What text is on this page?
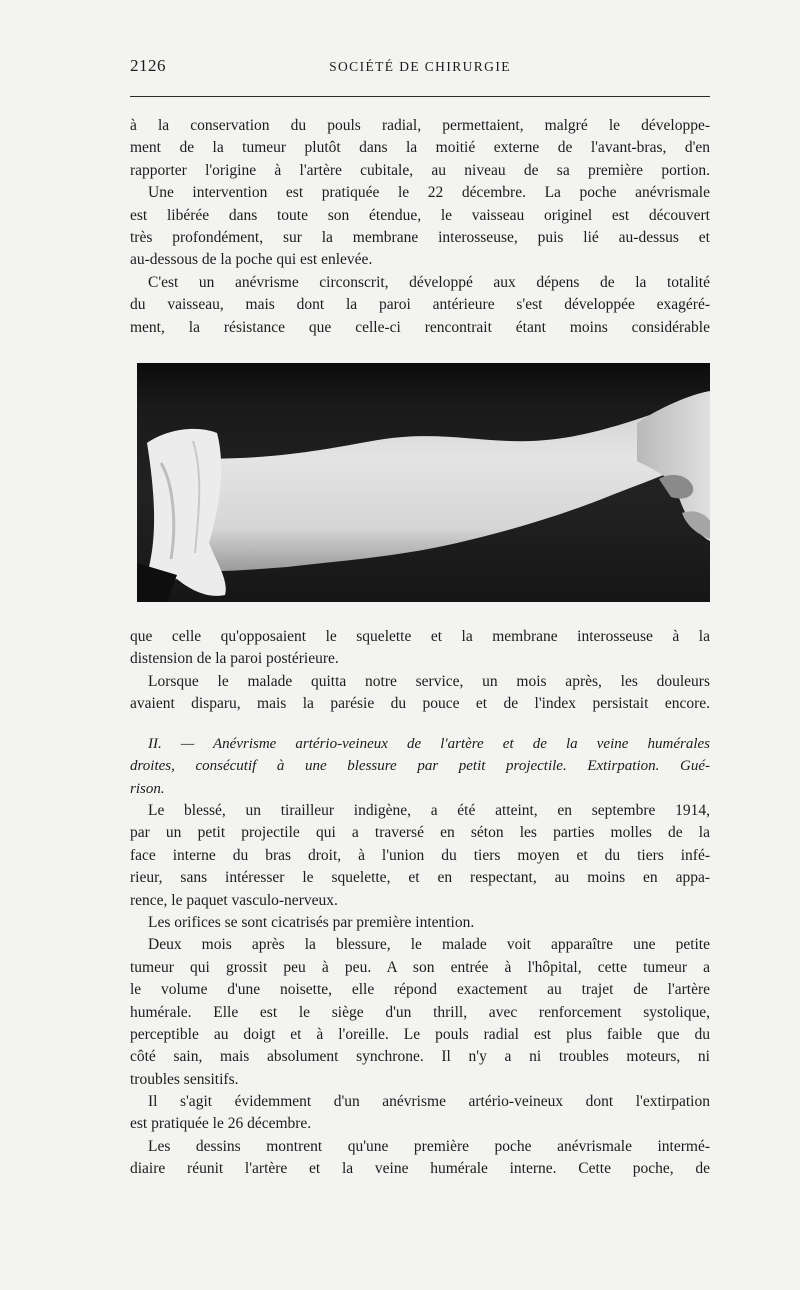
2126	SOCIÉTÉ DE CHIRURGIE
à la conservation du pouls radial, permettaient, malgré le développe-
ment de la tumeur plutôt dans la moitié externe de l'avant-bras, d'en
rapporter l'origine à l'artère cubitale, au niveau de sa première portion.
Une intervention est pratiquée le 22 décembre. La poche anévrismale
est libérée dans toute son étendue, le vaisseau originel est découvert
très profondément, sur la membrane interosseuse, puis lié au-dessus et
au-dessous de la poche qui est enlevée.
C'est un anévrisme circonscrit, développé aux dépens de la totalité
du vaisseau, mais dont la paroi antérieure s'est développée exagéré-
ment, la résistance que celle-ci rencontrait étant moins considérable
que celle qu'opposaient le squelette et la membrane interosseuse à la
distension de la paroi postérieure.
Lorsque le malade quitta notre service, un mois après, les douleurs
avaient disparu, mais la parésie du pouce et de l'index persistait encore.
II. — Anévrisme artério-veineux de l'artère et de la veine humérales
droites, consécutif à une blessure par petit projectile. Extirpation. Gué-
rison.
Le blessé, un tirailleur indigène, a été atteint, en septembre 1914,
par un petit projectile qui a traversé en séton les parties molles de la
face interne du bras droit, à l'union du tiers moyen et du tiers infé-
rieur, sans intéresser le squelette, et en respectant, au moins en appa-
rence, le paquet vasculo-nerveux.
Les orifices se sont cicatrisés par première intention.
Deux mois après la blessure, le malade voit apparaître une petite
tumeur qui grossit peu à peu. A son entrée à l'hôpital, cette tumeur a
le volume d'une noisette, elle répond exactement au trajet de l'artère
humérale. Elle est le siège d'un thrill, avec renforcement systolique,
perceptible au doigt et à l'oreille. Le pouls radial est plus faible que du
côté sain, mais absolument synchrone. Il n'y a ni troubles moteurs, ni
troubles sensitifs.
Il s'agit évidemment d'un anévrisme artério-veineux dont l'extirpation
est pratiquée le 26 décembre.
Les dessins montrent qu'une première poche anévrismale intermé-
diaire réunit l'artère et la veine humérale interne. Cette poche, de
